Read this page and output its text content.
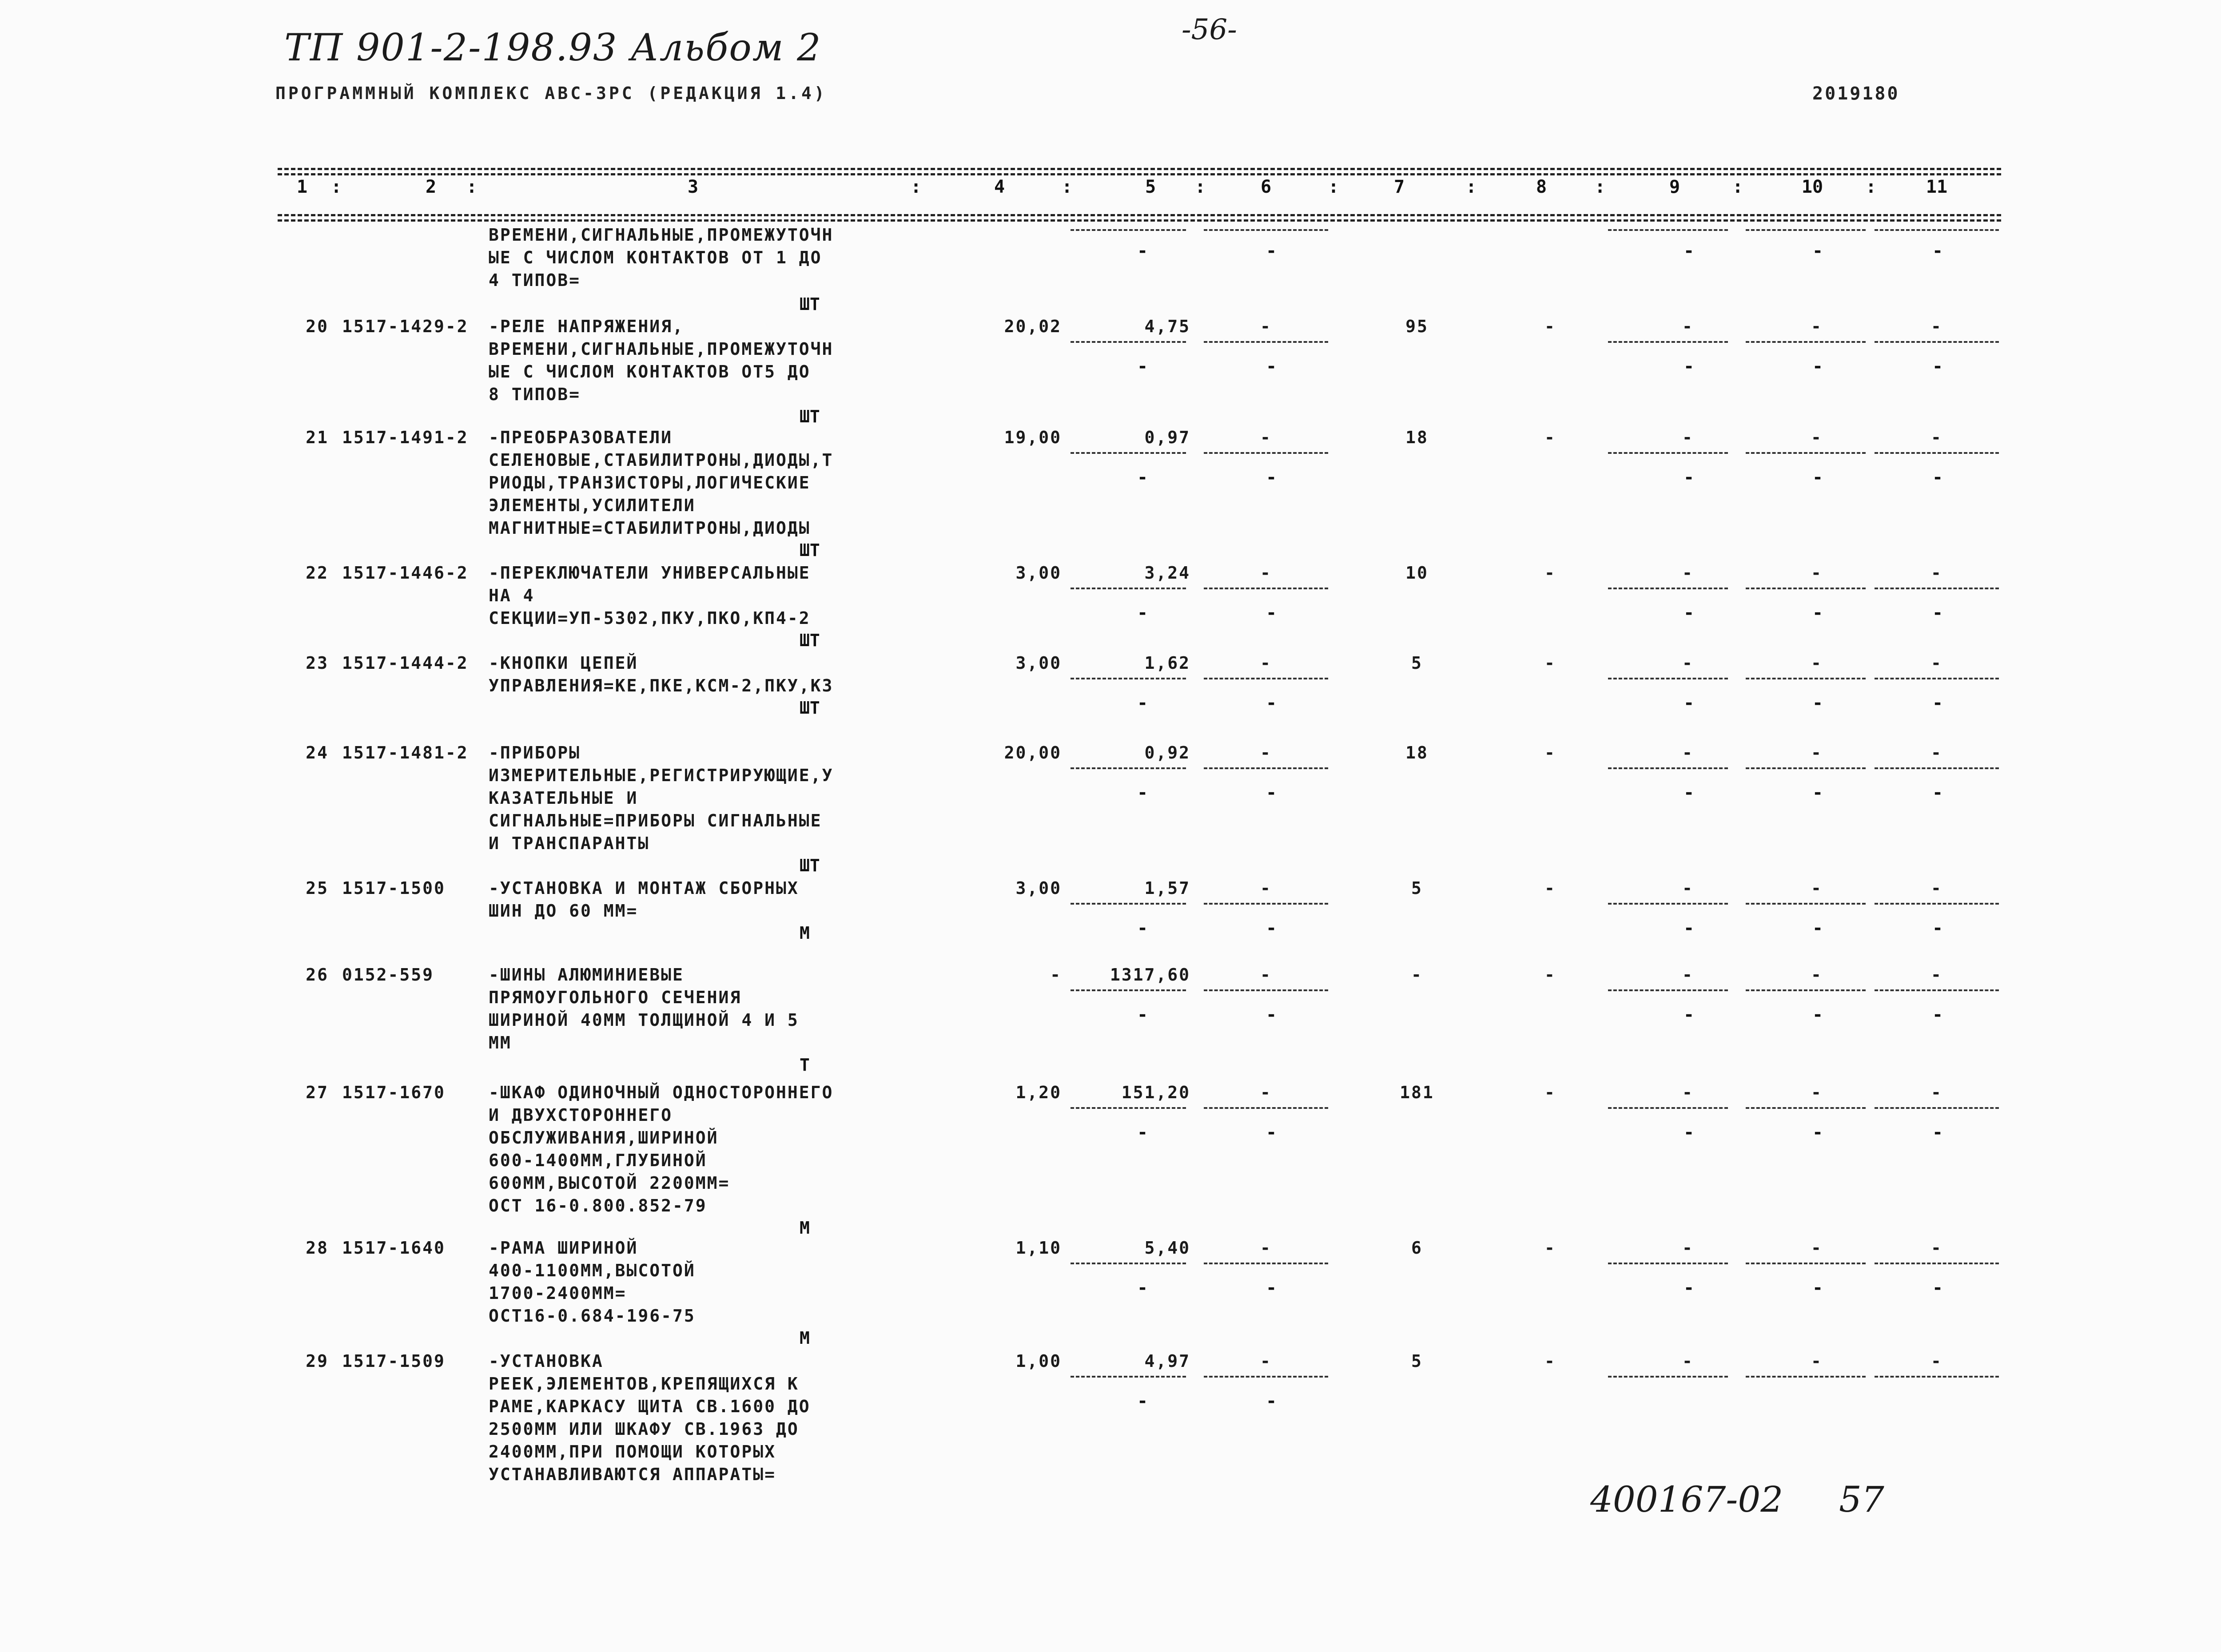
ТП 901-2-198.93 Альбом 2	-56-
ПРОГРАММНЫЙ КОМПЛЕКС АВС-3РС (РЕДАКЦИЯ 1.4)	2019180
1	2	3	4	5	6	7	8	9	10	11
:	:	:	:	:	:	:	:	:	:
ВРЕМЕНИ,СИГНАЛЬНЫЕ,ПРОМЕЖУТОЧН
ЫЕ С ЧИСЛОМ КОНТАКТОВ ОТ 1 ДО
4 ТИПОВ=
ШТ
-	-	-	-	-
20 1517-1429-2 -РЕЛЕ НАПРЯЖЕНИЯ,
ВРЕМЕНИ,СИГНАЛЬНЫЕ,ПРОМЕЖУТОЧН
ЫЕ С ЧИСЛОМ КОНТАКТОВ ОТ5 ДО
8 ТИПОВ=
ШТ
20,02	4,75	-	95	-	-	-	-
-	-	-	-	-
21 1517-1491-2 -ПРЕОБРАЗОВАТЕЛИ
СЕЛЕНОВЫЕ,СТАБИЛИТРОНЫ,ДИОДЫ,Т
РИОДЫ,ТРАНЗИСТОРЫ,ЛОГИЧЕСКИЕ
ЭЛЕМЕНТЫ,УСИЛИТЕЛИ
МАГНИТНЫЕ=СТАБИЛИТРОНЫ,ДИОДЫ
ШТ
19,00	0,97	-	18	-	-	-	-
-	-	-	-	-
22 1517-1446-2 -ПЕРЕКЛЮЧАТЕЛИ УНИВЕРСАЛЬНЫЕ
НА 4
СЕКЦИИ=УП-5302,ПКУ,ПКО,КП4-2
ШТ
3,00	3,24	-	10	-	-	-	-
-	-	-	-	-
23 1517-1444-2 -КНОПКИ ЦЕПЕЙ
УПРАВЛЕНИЯ=КЕ,ПКЕ,КСМ-2,ПКУ,КЗ
ШТ
3,00	1,62	-	5	-	-	-	-
-	-	-	-	-
24 1517-1481-2 -ПРИБОРЫ
ИЗМЕРИТЕЛЬНЫЕ,РЕГИСТРИРУЮЩИЕ,У
КАЗАТЕЛЬНЫЕ И
СИГНАЛЬНЫЕ=ПРИБОРЫ СИГНАЛЬНЫЕ
И ТРАНСПАРАНТЫ
ШТ
20,00	0,92	-	18	-	-	-	-
-	-	-	-	-
25 1517-1500	-УСТАНОВКА И МОНТАЖ СБОРНЫХ
ШИН ДО 60 ММ=
М
3,00	1,57	-	5	-	-	-	-
-	-	-	-	-
26 0152-559	-ШИНЫ АЛЮМИНИЕВЫЕ
ПРЯМОУГОЛЬНОГО СЕЧЕНИЯ
ШИРИНОЙ 40ММ ТОЛЩИНОЙ 4 И 5
ММ
Т
-	1317,60	-	-	-	-	-	-
-	-	-	-	-
27 1517-1670	-ШКАФ ОДИНОЧНЫЙ ОДНОСТОРОННЕГО
И ДВУХСТОРОННЕГО
ОБСЛУЖИВАНИЯ,ШИРИНОЙ
600-1400ММ,ГЛУБИНОЙ
600ММ,ВЫСОТОЙ 2200ММ=
ОСТ 16-0.800.852-79
М
1,20	151,20	-	181	-	-	-	-
-	-	-	-	-
28 1517-1640	-РАМА ШИРИНОЙ
400-1100ММ,ВЫСОТОЙ
1700-2400ММ=
ОСТ16-0.684-196-75
М
1,10	5,40	-	6	-	-	-	-
-	-	-	-	-
29 1517-1509	-УСТАНОВКА
РЕЕК,ЭЛЕМЕНТОВ,КРЕПЯЩИХСЯ К
РАМЕ,КАРКАСУ ЩИТА СВ.1600 ДО
2500ММ ИЛИ ШКАФУ СВ.1963 ДО
2400ММ,ПРИ ПОМОЩИ КОТОРЫХ
УСТАНАВЛИВАЮТСЯ АППАРАТЫ=
1,00	4,97	-	5	-	-	-	-
-	-
400167-02 57
